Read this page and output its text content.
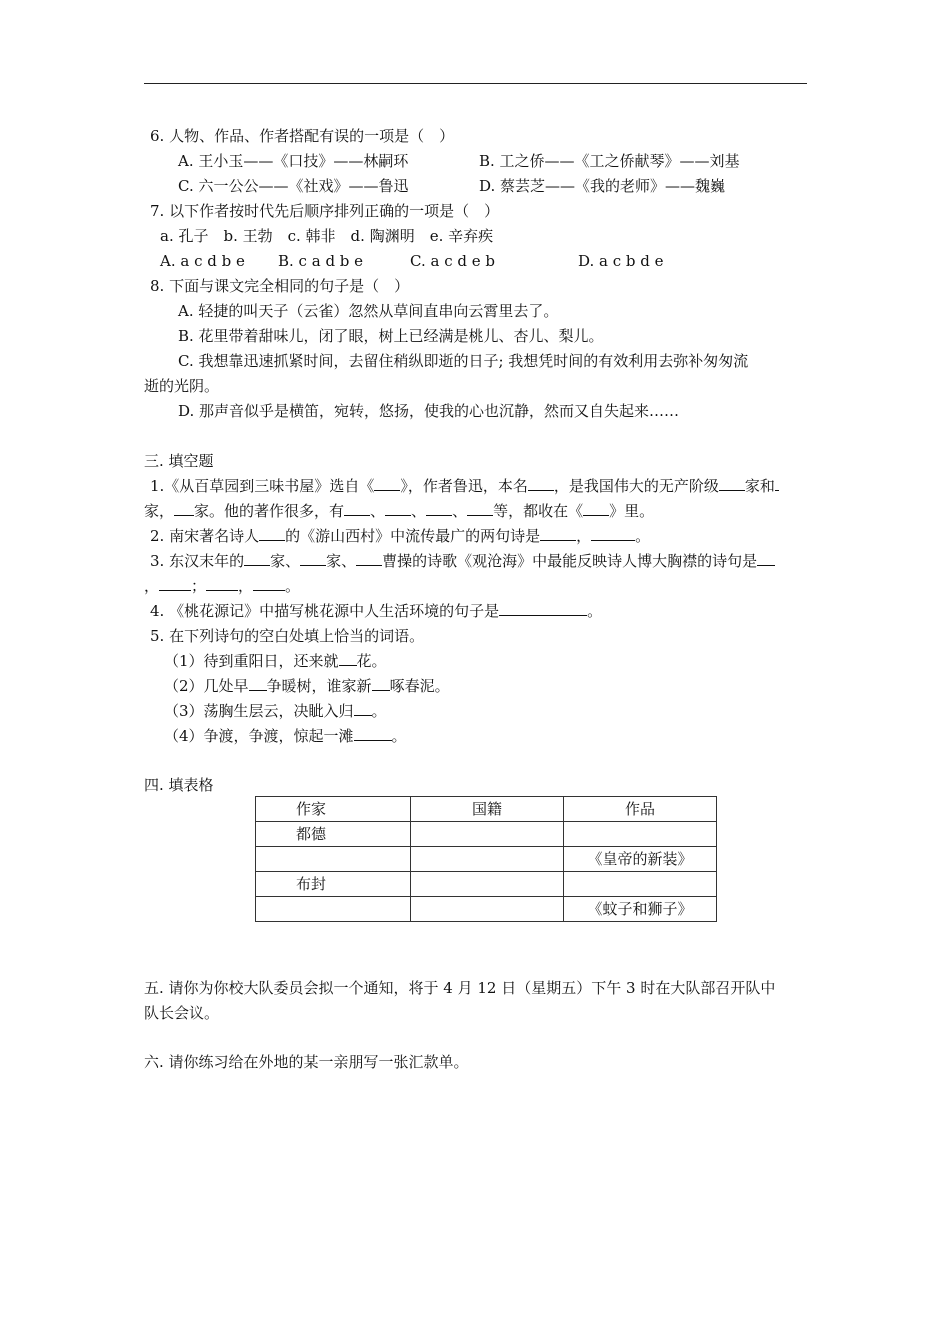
6. 人物、作品、作者搭配有误的一项是（　）
A. 王小玉——《口技》——林嗣环	B. 工之侨——《工之侨献琴》——刘基
C. 六一公公——《社戏》——鲁迅	D. 蔡芸芝——《我的老师》——魏巍
7. 以下作者按时代先后顺序排列正确的一项是（　）
a. 孔子　b. 王勃　c. 韩非　d. 陶渊明　e. 辛弃疾
A. a c d b e B. c a d b e	C. a c d e b	D. a c b d e
8. 下面与课文完全相同的句子是（　）
A. 轻捷的叫天子（云雀）忽然从草间直串向云霄里去了。
B. 花里带着甜味儿，闭了眼，树上已经满是桃儿、杏儿、梨儿。
C. 我想靠迅速抓紧时间，去留住稍纵即逝的日子; 我想凭时间的有效利用去弥补匆匆流
逝的光阴。
D. 那声音似乎是横笛，宛转，悠扬，使我的心也沉静，然而又自失起来……
三. 填空题
1.《从百草园到三味书屋》选自《 》，作者鲁迅，本名 ，是我国伟大的无产阶级 家和
家， 家。他的著作很多，有 、 、 、 等，都收在《 》里。
2. 南宋著名诗人 的《游山西村》中流传最广的两句诗是 ，	。
3. 东汉末年的 家、 家、 曹操的诗歌《观沧海》中最能反映诗人博大胸襟的诗句是
， ； ， 。
4. 《桃花源记》中描写桃花源中人生活环境的句子是	。
5. 在下列诗句的空白处填上恰当的词语。
（1）待到重阳日，还来就 花。
（2）几处早 争暖树，谁家新 啄春泥。
（3）荡胸生层云，决眦入归 。
（4）争渡，争渡，惊起一滩	。
四. 填表格
作家	国籍	作品
都德		
		《皇帝的新装》
布封		
		《蚊子和狮子》
五. 请你为你校大队委员会拟一个通知，将于 4 月 12 日（星期五）下午 3 时在大队部召开队中
队长会议。
六. 请你练习给在外地的某一亲朋写一张汇款单。
